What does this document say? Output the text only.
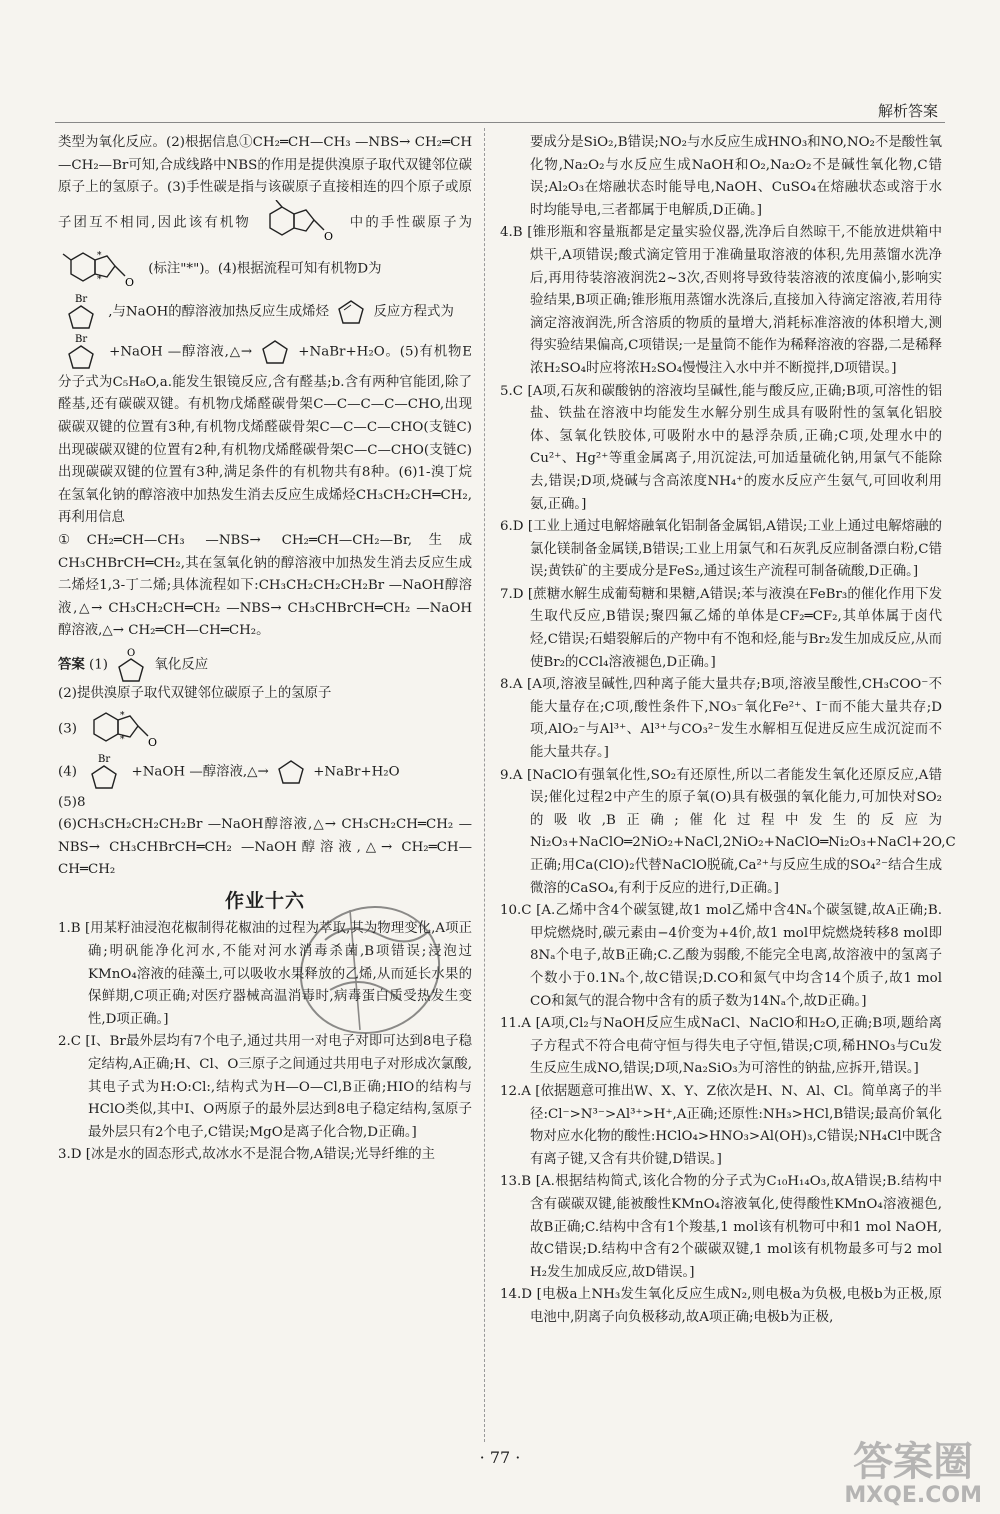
解析答案

类型为氧化反应。(2)根据信息①CH₂═CH—CH₃ —NBS→ CH₂═CH—CH₂—Br可知,合成线路中NBS的作用是提供溴原子取代双键邻位碳原子上的氢原子。(3)手性碳是指与该碳原子直接相连的四个原子或原子团互不相同,因此该有机物
O
中的手性碳原子为
O
*
*
(标注"*")。(4)根据流程可知有机物D为

Br
,与NaOH的醇溶液加热反应生成烯烃	反应方程式为

Br
+NaOH —醇溶液,△→	+NaBr+H₂O。(5)有机物E分子式为C₅H₈O,a.能发生银镜反应,含有醛基;b.含有两种官能团,除了醛基,还有碳碳双键。有机物戊烯醛碳骨架C—C—C—C—CHO,出现碳碳双键的位置有3种,有机物戊烯醛碳骨架C—C—C—CHO(支链C)出现碳碳双键的位置有2种,有机物戊烯醛碳骨架C—C—CHO(支链C)出现碳碳双键的位置有3种,满足条件的有机物共有8种。(6)1-溴丁烷在氢氧化钠的醇溶液中加热发生消去反应生成烯烃CH₃CH₂CH═CH₂,再利用信息

①CH₂═CH—CH₃ —NBS→ CH₂═CH—CH₂—Br,生成CH₃CHBrCH═CH₂,其在氢氧化钠的醇溶液中加热发生消去反应生成二烯烃1,3-丁二烯;具体流程如下:CH₃CH₂CH₂CH₂Br —NaOH醇溶液,△→ CH₃CH₂CH═CH₂ —NBS→ CH₃CHBrCH═CH₂ —NaOH醇溶液,△→ CH₂═CH—CH═CH₂。

答案 (1)
O
氧化反应

(2)提供溴原子取代双键邻位碳原子上的氢原子

(3)
O
*
*

(4)
Br
+NaOH —醇溶液,△→	+NaBr+H₂O

(5)8

(6)CH₃CH₂CH₂CH₂Br —NaOH醇溶液,△→ CH₃CH₂CH═CH₂ —NBS→ CH₃CHBrCH═CH₂ —NaOH醇溶液,△→ CH₂═CH—CH═CH₂

作业十六

1.B [用某籽油浸泡花椒制得花椒油的过程为萃取,其为物理变化,A项正确;明矾能净化河水,不能对河水消毒杀菌,B项错误;浸泡过KMnO₄溶液的硅藻土,可以吸收水果释放的乙烯,从而延长水果的保鲜期,C项正确;对医疗器械高温消毒时,病毒蛋白质受热发生变性,D项正确。]

2.C [I、Br最外层均有7个电子,通过共用一对电子对即可达到8电子稳定结构,A正确;H、Cl、O三原子之间通过共用电子对形成次氯酸,其电子式为H:O:Cl:,结构式为H—O—Cl,B正确;HIO的结构与HClO类似,其中I、O两原子的最外层达到8电子稳定结构,氢原子最外层只有2个电子,C错误;MgO是离子化合物,D正确。]

3.D [冰是水的固态形式,故冰水不是混合物,A错误;光导纤维的主

要成分是SiO₂,B错误;NO₂与水反应生成HNO₃和NO,NO₂不是酸性氧化物,Na₂O₂与水反应生成NaOH和O₂,Na₂O₂不是碱性氧化物,C错误;Al₂O₃在熔融状态时能导电,NaOH、CuSO₄在熔融状态或溶于水时均能导电,三者都属于电解质,D正确。]

4.B [锥形瓶和容量瓶都是定量实验仪器,洗净后自然晾干,不能放进烘箱中烘干,A项错误;酸式滴定管用于准确量取溶液的体积,先用蒸馏水洗净后,再用待装溶液润洗2~3次,否则将导致待装溶液的浓度偏小,影响实验结果,B项正确;锥形瓶用蒸馏水洗涤后,直接加入待滴定溶液,若用待滴定溶液润洗,所含溶质的物质的量增大,消耗标准溶液的体积增大,测得实验结果偏高,C项错误;一是量筒不能作为稀释溶液的容器,二是稀释浓H₂SO₄时应将浓H₂SO₄慢慢注入水中并不断搅拌,D项错误。]

5.C [A项,石灰和碳酸钠的溶液均呈碱性,能与酸反应,正确;B项,可溶性的铝盐、铁盐在溶液中均能发生水解分别生成具有吸附性的氢氧化铝胶体、氢氧化铁胶体,可吸附水中的悬浮杂质,正确;C项,处理水中的Cu²⁺、Hg²⁺等重金属离子,用沉淀法,可加适量硫化钠,用氯气不能除去,错误;D项,烧碱与含高浓度NH₄⁺的废水反应产生氨气,可回收利用氨,正确。]

6.D [工业上通过电解熔融氧化铝制备金属铝,A错误;工业上通过电解熔融的氯化镁制备金属镁,B错误;工业上用氯气和石灰乳反应制备漂白粉,C错误;黄铁矿的主要成分是FeS₂,通过该生产流程可制备硫酸,D正确。]

7.D [蔗糖水解生成葡萄糖和果糖,A错误;苯与液溴在FeBr₃的催化作用下发生取代反应,B错误;聚四氟乙烯的单体是CF₂═CF₂,其单体属于卤代烃,C错误;石蜡裂解后的产物中有不饱和烃,能与Br₂发生加成反应,从而使Br₂的CCl₄溶液褪色,D正确。]

8.A [A项,溶液呈碱性,四种离子能大量共存;B项,溶液呈酸性,CH₃COO⁻不能大量存在;C项,酸性条件下,NO₃⁻氧化Fe²⁺、I⁻而不能大量共存;D项,AlO₂⁻与Al³⁺、Al³⁺与CO₃²⁻发生水解相互促进反应生成沉淀而不能大量共存。]

9.A [NaClO有强氧化性,SO₂有还原性,所以二者能发生氧化还原反应,A错误;催化过程2中产生的原子氧(O)具有极强的氧化能力,可加快对SO₂的吸收,B正确;催化过程中发生的反应为Ni₂O₃+NaClO═2NiO₂+NaCl,2NiO₂+NaClO═Ni₂O₃+NaCl+2O,C正确;用Ca(ClO)₂代替NaClO脱硫,Ca²⁺与反应生成的SO₄²⁻结合生成微溶的CaSO₄,有利于反应的进行,D正确。]

10.C [A.乙烯中含4个碳氢键,故1 mol乙烯中含4Nₐ个碳氢键,故A正确;B.甲烷燃烧时,碳元素由−4价变为+4价,故1 mol甲烷燃烧转移8 mol即8Nₐ个电子,故B正确;C.乙酸为弱酸,不能完全电离,故溶液中的氢离子个数小于0.1Nₐ个,故C错误;D.CO和氮气中均含14个质子,故1 mol CO和氮气的混合物中含有的质子数为14Nₐ个,故D正确。]

11.A [A项,Cl₂与NaOH反应生成NaCl、NaClO和H₂O,正确;B项,题给离子方程式不符合电荷守恒与得失电子守恒,错误;C项,稀HNO₃与Cu发生反应生成NO,错误;D项,Na₂SiO₃为可溶性的钠盐,应拆开,错误。]

12.A [依据题意可推出W、X、Y、Z依次是H、N、Al、Cl。简单离子的半径:Cl⁻>N³⁻>Al³⁺>H⁺,A正确;还原性:NH₃>HCl,B错误;最高价氧化物对应水化物的酸性:HClO₄>HNO₃>Al(OH)₃,C错误;NH₄Cl中既含有离子键,又含有共价键,D错误。]

13.B [A.根据结构简式,该化合物的分子式为C₁₀H₁₄O₃,故A错误;B.结构中含有碳碳双键,能被酸性KMnO₄溶液氧化,使得酸性KMnO₄溶液褪色,故B正确;C.结构中含有1个羧基,1 mol该有机物可中和1 mol NaOH,故C错误;D.结构中含有2个碳碳双键,1 mol该有机物最多可与2 mol H₂发生加成反应,故D错误。]

14.D [电极a上NH₃发生氧化反应生成N₂,则电极a为负极,电极b为正极,原电池中,阴离子向负极移动,故A项正确;电极b为正极,

· 77 ·	答案圈
MXQE.COM
